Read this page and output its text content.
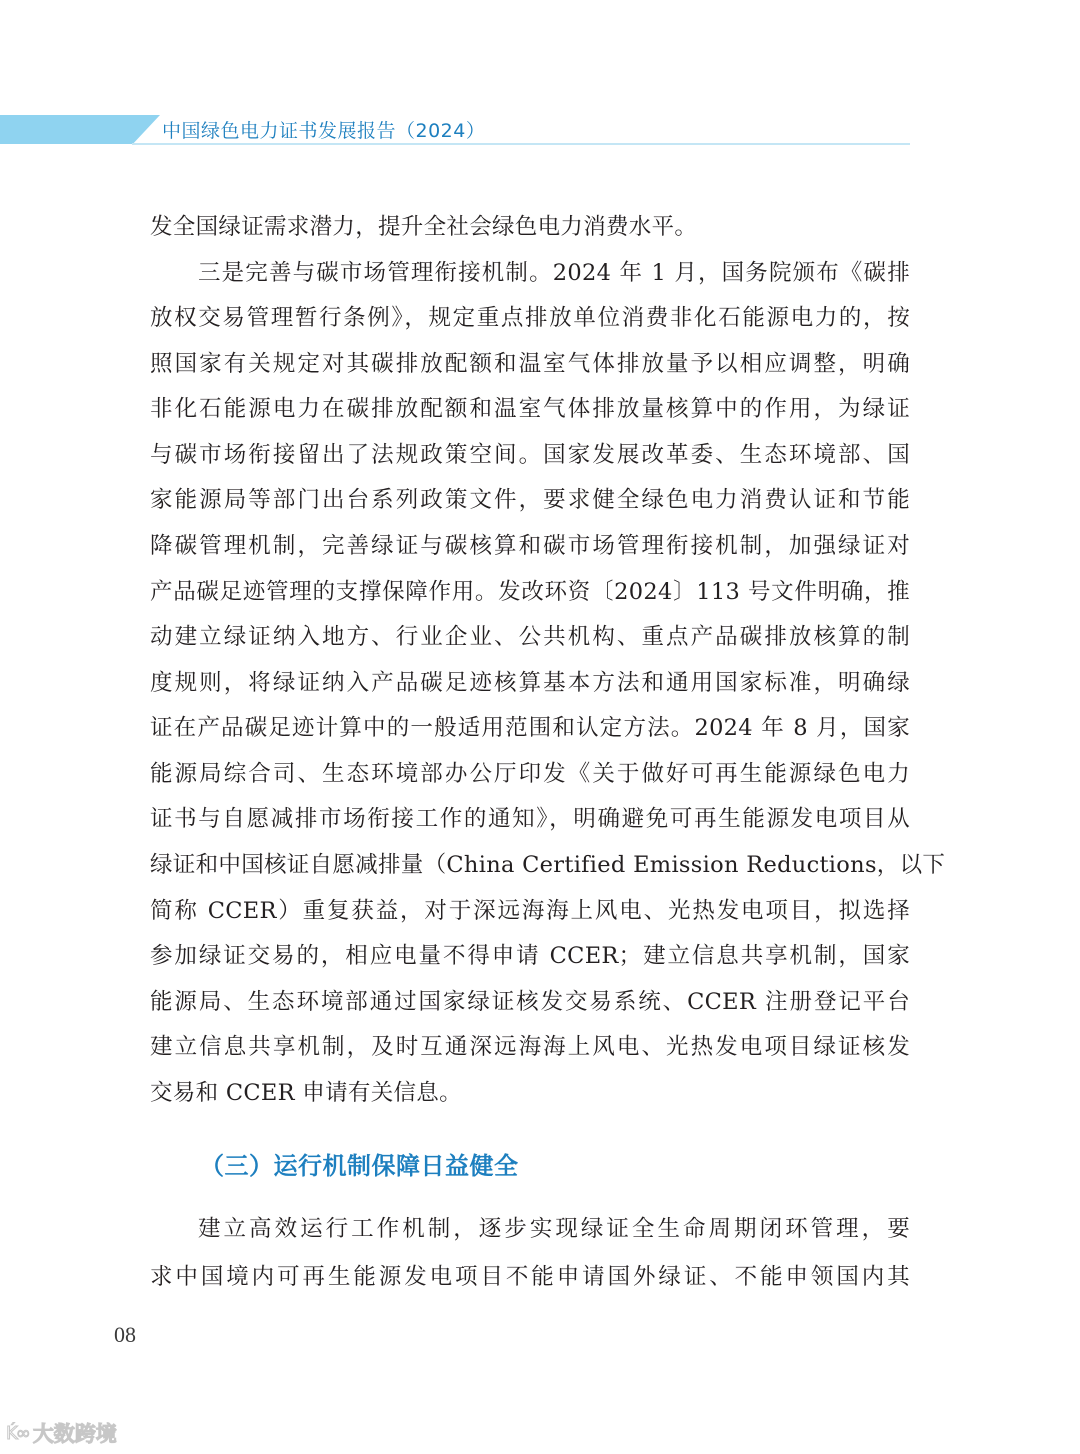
中国绿色电力证书发展报告（2024）
发全国绿证需求潜力，提升全社会绿色电力消费水平。
三是完善与碳市场管理衔接机制。2024 年 1 月，国务院颁布《碳排
放权交易管理暂行条例》，规定重点排放单位消费非化石能源电力的，按
照国家有关规定对其碳排放配额和温室气体排放量予以相应调整，明确
非化石能源电力在碳排放配额和温室气体排放量核算中的作用，为绿证
与碳市场衔接留出了法规政策空间。国家发展改革委、生态环境部、国
家能源局等部门出台系列政策文件，要求健全绿色电力消费认证和节能
降碳管理机制，完善绿证与碳核算和碳市场管理衔接机制，加强绿证对
产品碳足迹管理的支撑保障作用。发改环资〔2024〕113 号文件明确，推
动建立绿证纳入地方、行业企业、公共机构、重点产品碳排放核算的制
度规则，将绿证纳入产品碳足迹核算基本方法和通用国家标准，明确绿
证在产品碳足迹计算中的一般适用范围和认定方法。2024 年 8 月，国家
能源局综合司、生态环境部办公厅印发《关于做好可再生能源绿色电力
证书与自愿减排市场衔接工作的通知》，明确避免可再生能源发电项目从
绿证和中国核证自愿减排量（China Certified Emission Reductions，以下
简称 CCER）重复获益，对于深远海海上风电、光热发电项目，拟选择
参加绿证交易的，相应电量不得申请 CCER；建立信息共享机制，国家
能源局、生态环境部通过国家绿证核发交易系统、CCER 注册登记平台
建立信息共享机制，及时互通深远海海上风电、光热发电项目绿证核发
交易和 CCER 申请有关信息。
（三）运行机制保障日益健全
建立高效运行工作机制，逐步实现绿证全生命周期闭环管理，要
求中国境内可再生能源发电项目不能申请国外绿证、不能申领国内其
08
Ḱ∞ 大数跨境
